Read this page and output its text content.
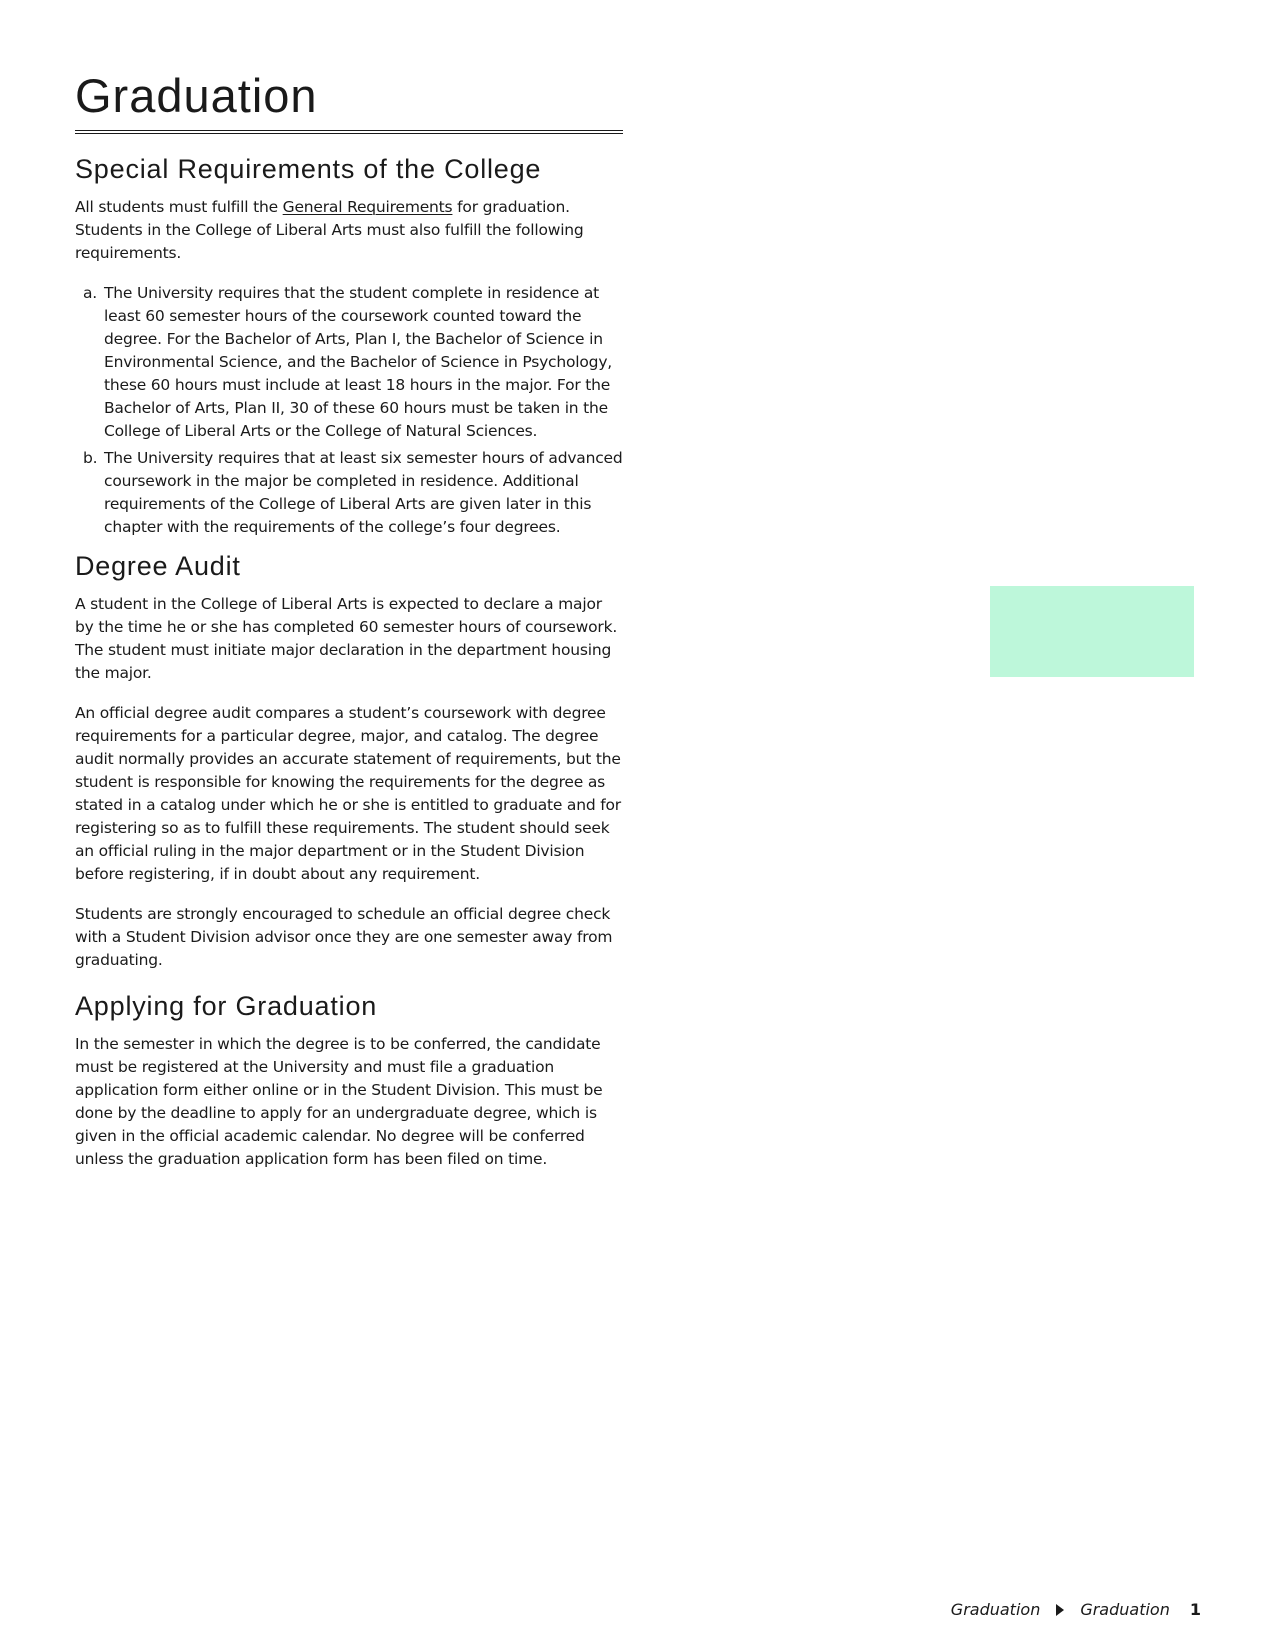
Graduation
Special Requirements of the College

All students must fulfill the General Requirements for graduation. Students in the College of Liberal Arts must also fulfill the following requirements.

a. The University requires that the student complete in residence at least 60 semester hours of the coursework counted toward the degree. For the Bachelor of Arts, Plan I, the Bachelor of Science in Environmental Science, and the Bachelor of Science in Psychology, these 60 hours must include at least 18 hours in the major. For the Bachelor of Arts, Plan II, 30 of these 60 hours must be taken in the College of Liberal Arts or the College of Natural Sciences.
b. The University requires that at least six semester hours of advanced coursework in the major be completed in residence. Additional requirements of the College of Liberal Arts are given later in this chapter with the requirements of the college’s four degrees.
Degree Audit

A student in the College of Liberal Arts is expected to declare a major by the time he or she has completed 60 semester hours of coursework. The student must initiate major declaration in the department housing the major.

An official degree audit compares a student’s coursework with degree requirements for a particular degree, major, and catalog. The degree audit normally provides an accurate statement of requirements, but the student is responsible for knowing the requirements for the degree as stated in a catalog under which he or she is entitled to graduate and for registering so as to fulfill these requirements. The student should seek an official ruling in the major department or in the Student Division before registering, if in doubt about any requirement.

Students are strongly encouraged to schedule an official degree check with a Student Division advisor once they are one semester away from graduating.

Applying for Graduation

In the semester in which the degree is to be conferred, the candidate must be registered at the University and must file a graduation application form either online or in the Student Division. This must be done by the deadline to apply for an undergraduate degree, which is given in the official academic calendar. No degree will be conferred unless the graduation application form has been filed on time.

Graduation	Graduation 1
